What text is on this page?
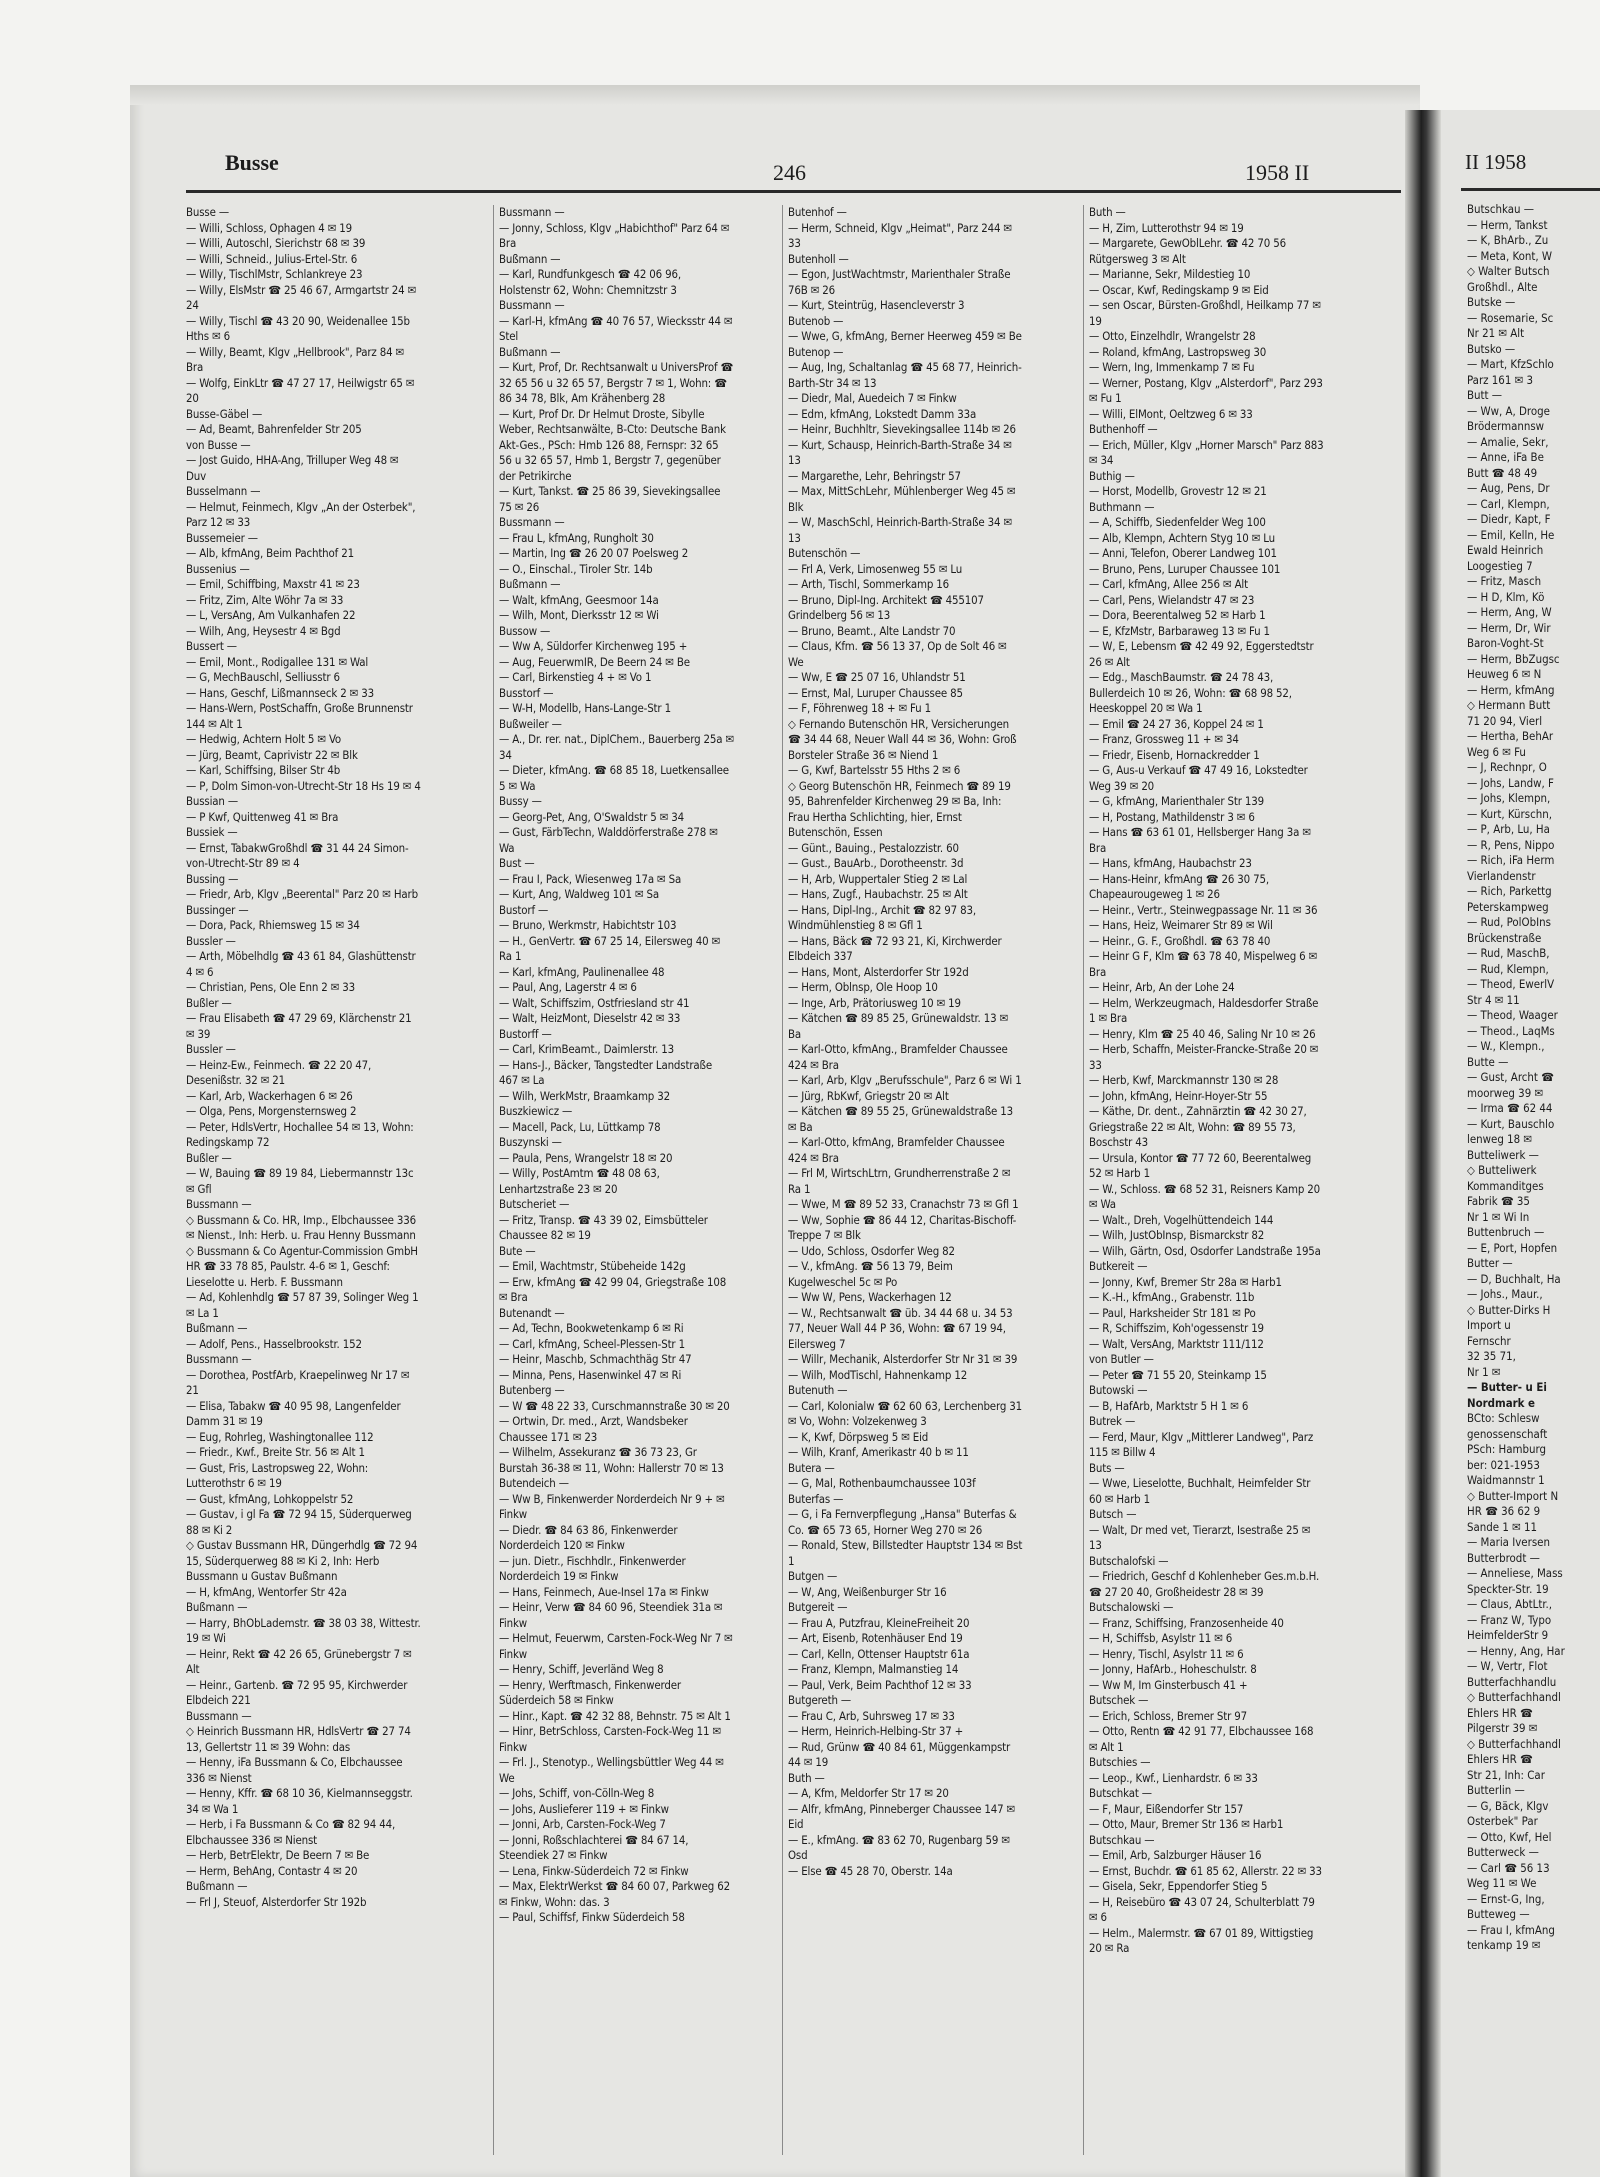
Busse	246	1958 II
Busse —
— Willi, Schloss, Ophagen 4 ✉ 19
— Willi, Autoschl, Sierichstr 68 ✉ 39
— Willi, Schneid., Julius-Ertel-Str. 6
— Willy, TischlMstr, Schlankreye 23
— Willy, ElsMstr ☎ 25 46 67, Armgartstr 24 ✉ 24
— Willy, Tischl ☎ 43 20 90, Weidenallee 15b Hths ✉ 6
— Willy, Beamt, Klgv „Hellbrook", Parz 84 ✉ Bra
— Wolfg, EinkLtr ☎ 47 27 17, Heilwigstr 65 ✉ 20
Busse-Gäbel —
— Ad, Beamt, Bahrenfelder Str 205
von Busse —
— Jost Guido, HHA-Ang, Trilluper Weg 48 ✉ Duv
Busselmann —
— Helmut, Feinmech, Klgv „An der Osterbek", Parz 12 ✉ 33
Bussemeier —
— Alb, kfmAng, Beim Pachthof 21
Bussenius —
— Emil, Schiffbing, Maxstr 41 ✉ 23
— Fritz, Zim, Alte Wöhr 7a ✉ 33
— L, VersAng, Am Vulkanhafen 22
— Wilh, Ang, Heysestr 4 ✉ Bgd
Bussert —
— Emil, Mont., Rodigallee 131 ✉ Wal
— G, MechBauschl, Selliusstr 6
— Hans, Geschf, Lißmannseck 2 ✉ 33
— Hans-Wern, PostSchaffn, Große Brunnenstr 144 ✉ Alt 1
— Hedwig, Achtern Holt 5 ✉ Vo
— Jürg, Beamt, Caprivistr 22 ✉ Blk
— Karl, Schiffsing, Bilser Str 4b
— P, Dolm Simon-von-Utrecht-Str 18 Hs 19 ✉ 4
Bussian —
— P Kwf, Quittenweg 41 ✉ Bra
Bussiek —
— Ernst, TabakwGroßhdl ☎ 31 44 24 Simon-von-Utrecht-Str 89 ✉ 4
Bussing —
— Friedr, Arb, Klgv „Beerental" Parz 20 ✉ Harb
Bussinger —
— Dora, Pack, Rhiemsweg 15 ✉ 34
Bussler —
— Arth, Möbelhdlg ☎ 43 61 84, Glashüttenstr 4 ✉ 6
— Christian, Pens, Ole Enn 2 ✉ 33
Bußler —
— Frau Elisabeth ☎ 47 29 69, Klärchenstr 21 ✉ 39
Bussler —
— Heinz-Ew., Feinmech. ☎ 22 20 47, Desenißstr. 32 ✉ 21
— Karl, Arb, Wackerhagen 6 ✉ 26
— Olga, Pens, Morgensternsweg 2
— Peter, HdlsVertr, Hochallee 54 ✉ 13, Wohn: Redingskamp 72
Bußler —
— W, Bauing ☎ 89 19 84, Liebermannstr 13c ✉ Gfl
Bussmann —
◇ Bussmann & Co. HR, Imp., Elbchaussee 336 ✉ Nienst., Inh: Herb. u. Frau Henny Bussmann
◇ Bussmann & Co Agentur-Commission GmbH HR ☎ 33 78 85, Paulstr. 4-6 ✉ 1, Geschf: Lieselotte u. Herb. F. Bussmann
— Ad, Kohlenhdlg ☎ 57 87 39, Solinger Weg 1 ✉ La 1
Bußmann —
— Adolf, Pens., Hasselbrookstr. 152
Bussmann —
— Dorothea, PostfArb, Kraepelinweg Nr 17 ✉ 21
— Elisa, Tabakw ☎ 40 95 98, Langenfelder Damm 31 ✉ 19
— Eug, Rohrleg, Washingtonallee 112
— Friedr., Kwf., Breite Str. 56 ✉ Alt 1
— Gust, Fris, Lastropsweg 22, Wohn: Lutterothstr 6 ✉ 19
— Gust, kfmAng, Lohkoppelstr 52
— Gustav, i gl Fa ☎ 72 94 15, Süderquerweg 88 ✉ Ki 2
◇ Gustav Bussmann HR, Düngerhdlg ☎ 72 94 15, Süderquerweg 88 ✉ Ki 2, Inh: Herb Bussmann u Gustav Bußmann
— H, kfmAng, Wentorfer Str 42a
Bußmann —
— Harry, BhObLademstr. ☎ 38 03 38, Wittestr. 19 ✉ Wi
— Heinr, Rekt ☎ 42 26 65, Grünebergstr 7 ✉ Alt
— Heinr., Gartenb. ☎ 72 95 95, Kirchwerder Elbdeich 221
Bussmann —
◇ Heinrich Bussmann HR, HdlsVertr ☎ 27 74 13, Gellertstr 11 ✉ 39 Wohn: das
— Henny, iFa Bussmann & Co, Elbchaussee 336 ✉ Nienst
— Henny, Kffr. ☎ 68 10 36, Kielmannseggstr. 34 ✉ Wa 1
— Herb, i Fa Bussmann & Co ☎ 82 94 44, Elbchaussee 336 ✉ Nienst
— Herb, BetrElektr, De Beern 7 ✉ Be
— Herm, BehAng, Contastr 4 ✉ 20
Bußmann —
— Frl J, Steuof, Alsterdorfer Str 192b
Bussmann —
— Jonny, Schloss, Klgv „Habichthof" Parz 64 ✉ Bra
Bußmann —
— Karl, Rundfunkgesch ☎ 42 06 96, Holstenstr 62, Wohn: Chemnitzstr 3
Bussmann —
— Karl-H, kfmAng ☎ 40 76 57, Wiecksstr 44 ✉ Stel
Bußmann —
— Kurt, Prof, Dr. Rechtsanwalt u UniversProf ☎ 32 65 56 u 32 65 57, Bergstr 7 ✉ 1, Wohn: ☎ 86 34 78, Blk, Am Krähenberg 28
— Kurt, Prof Dr. Dr Helmut Droste, Sibylle Weber, Rechtsanwälte, B-Cto: Deutsche Bank Akt-Ges., PSch: Hmb 126 88, Fernspr: 32 65 56 u 32 65 57, Hmb 1, Bergstr 7, gegenüber der Petrikirche
— Kurt, Tankst. ☎ 25 86 39, Sievekingsallee 75 ✉ 26
Bussmann —
— Frau L, kfmAng, Rungholt 30
— Martin, Ing ☎ 26 20 07 Poelsweg 2
— O., Einschal., Tiroler Str. 14b
Bußmann —
— Walt, kfmAng, Geesmoor 14a
— Wilh, Mont, Dierksstr 12 ✉ Wi
Bussow —
— Ww A, Süldorfer Kirchenweg 195 +
— Aug, FeuerwmIR, De Beern 24 ✉ Be
— Carl, Birkenstieg 4 + ✉ Vo 1
Busstorf —
— W-H, Modellb, Hans-Lange-Str 1
Bußweiler —
— A., Dr. rer. nat., DiplChem., Bauerberg 25a ✉ 34
— Dieter, kfmAng. ☎ 68 85 18, Luetkensallee 5 ✉ Wa
Bussy —
— Georg-Pet, Ang, O'Swaldstr 5 ✉ 34
— Gust, FärbTechn, Walddörferstraße 278 ✉ Wa
Bust —
— Frau I, Pack, Wiesenweg 17a ✉ Sa
— Kurt, Ang, Waldweg 101 ✉ Sa
Bustorf —
— Bruno, Werkmstr, Habichtstr 103
— H., GenVertr. ☎ 67 25 14, Eilersweg 40 ✉ Ra 1
— Karl, kfmAng, Paulinenallee 48
— Paul, Ang, Lagerstr 4 ✉ 6
— Walt, Schiffszim, Ostfriesland str 41
— Walt, HeizMont, Dieselstr 42 ✉ 33
Bustorff —
— Carl, KrimBeamt., Daimlerstr. 13
— Hans-J., Bäcker, Tangstedter Landstraße 467 ✉ La
— Wilh, WerkMstr, Braamkamp 32
Buszkiewicz —
— Macell, Pack, Lu, Lüttkamp 78
Buszynski —
— Paula, Pens, Wrangelstr 18 ✉ 20
— Willy, PostAmtm ☎ 48 08 63, Lenhartzstraße 23 ✉ 20
Butscheriet —
— Fritz, Transp. ☎ 43 39 02, Eimsbütteler Chaussee 82 ✉ 19
Bute —
— Emil, Wachtmstr, Stübeheide 142g
— Erw, kfmAng ☎ 42 99 04, Griegstraße 108 ✉ Bra
Butenandt —
— Ad, Techn, Bookwetenkamp 6 ✉ Ri
— Carl, kfmAng, Scheel-Plessen-Str 1
— Heinr, Maschb, Schmachthäg Str 47
— Minna, Pens, Hasenwinkel 47 ✉ Ri
Butenberg —
— W ☎ 48 22 33, Curschmannstraße 30 ✉ 20
— Ortwin, Dr. med., Arzt, Wandsbeker Chaussee 171 ✉ 23
— Wilhelm, Assekuranz ☎ 36 73 23, Gr Burstah 36-38 ✉ 11, Wohn: Hallerstr 70 ✉ 13
Butendeich —
— Ww B, Finkenwerder Norderdeich Nr 9 + ✉ Finkw
— Diedr. ☎ 84 63 86, Finkenwerder Norderdeich 120 ✉ Finkw
— jun. Dietr., Fischhdlr., Finkenwerder Norderdeich 19 ✉ Finkw
— Hans, Feinmech, Aue-Insel 17a ✉ Finkw
— Heinr, Verw ☎ 84 60 96, Steendiek 31a ✉ Finkw
— Helmut, Feuerwm, Carsten-Fock-Weg Nr 7 ✉ Finkw
— Henry, Schiff, Jeverländ Weg 8
— Henry, Werftmasch, Finkenwerder Süderdeich 58 ✉ Finkw
— Hinr., Kapt. ☎ 42 32 88, Behnstr. 75 ✉ Alt 1
— Hinr, BetrSchloss, Carsten-Fock-Weg 11 ✉ Finkw
— Frl. J., Stenotyp., Wellingsbüttler Weg 44 ✉ We
— Johs, Schiff, von-Cölln-Weg 8
— Johs, Auslieferer 119 + ✉ Finkw
— Jonni, Arb, Carsten-Fock-Weg 7
— Jonni, Roßschlachterei ☎ 84 67 14, Steendiek 27 ✉ Finkw
— Lena, Finkw-Süderdeich 72 ✉ Finkw
— Max, ElektrWerkst ☎ 84 60 07, Parkweg 62 ✉ Finkw, Wohn: das. 3
— Paul, Schiffsf, Finkw Süderdeich 58
Butenhof —
— Herm, Schneid, Klgv „Heimat", Parz 244 ✉ 33
Butenholl —
— Egon, JustWachtmstr, Marienthaler Straße 76B ✉ 26
— Kurt, Steintrüg, Hasencleverstr 3
Butenob —
— Wwe, G, kfmAng, Berner Heerweg 459 ✉ Be
Butenop —
— Aug, Ing, Schaltanlag ☎ 45 68 77, Heinrich-Barth-Str 34 ✉ 13
— Diedr, Mal, Auedeich 7 ✉ Finkw
— Edm, kfmAng, Lokstedt Damm 33a
— Heinr, Buchhltr, Sievekingsallee 114b ✉ 26
— Kurt, Schausp, Heinrich-Barth-Straße 34 ✉ 13
— Margarethe, Lehr, Behringstr 57
— Max, MittSchLehr, Mühlenberger Weg 45 ✉ Blk
— W, MaschSchl, Heinrich-Barth-Straße 34 ✉ 13
Butenschön —
— Frl A, Verk, Limosenweg 55 ✉ Lu
— Arth, Tischl, Sommerkamp 16
— Bruno, Dipl-Ing. Architekt ☎ 455107 Grindelberg 56 ✉ 13
— Bruno, Beamt., Alte Landstr 70
— Claus, Kfm. ☎ 56 13 37, Op de Solt 46 ✉ We
— Ww, E ☎ 25 07 16, Uhlandstr 51
— Ernst, Mal, Luruper Chaussee 85
— F, Föhrenweg 18 + ✉ Fu 1
◇ Fernando Butenschön HR, Versicherungen ☎ 34 44 68, Neuer Wall 44 ✉ 36, Wohn: Groß Borsteler Straße 36 ✉ Niend 1
— G, Kwf, Bartelsstr 55 Hths 2 ✉ 6
◇ Georg Butenschön HR, Feinmech ☎ 89 19 95, Bahrenfelder Kirchenweg 29 ✉ Ba, Inh: Frau Hertha Schlichting, hier, Ernst Butenschön, Essen
— Günt., Bauing., Pestalozzistr. 60
— Gust., BauArb., Dorotheenstr. 3d
— H, Arb, Wuppertaler Stieg 2 ✉ Lal
— Hans, Zugf., Haubachstr. 25 ✉ Alt
— Hans, Dipl-Ing., Archit ☎ 82 97 83, Windmühlenstieg 8 ✉ Gfl 1
— Hans, Bäck ☎ 72 93 21, Ki, Kirchwerder Elbdeich 337
— Hans, Mont, Alsterdorfer Str 192d
— Herm, Oblnsp, Ole Hoop 10
— Inge, Arb, Prätoriusweg 10 ✉ 19
— Kätchen ☎ 89 85 25, Grünewaldstr. 13 ✉ Ba
— Karl-Otto, kfmAng., Bramfelder Chaussee 424 ✉ Bra
— Karl, Arb, Klgv „Berufsschule", Parz 6 ✉ Wi 1
— Jürg, RbKwf, Griegstr 20 ✉ Alt
— Kätchen ☎ 89 55 25, Grünewaldstraße 13 ✉ Ba
— Karl-Otto, kfmAng, Bramfelder Chaussee 424 ✉ Bra
— Frl M, WirtschLtrn, Grundherrenstraße 2 ✉ Ra 1
— Wwe, M ☎ 89 52 33, Cranachstr 73 ✉ Gfl 1
— Ww, Sophie ☎ 86 44 12, Charitas-Bischoff-Treppe 7 ✉ Blk
— Udo, Schloss, Osdorfer Weg 82
— V., kfmAng. ☎ 56 13 79, Beim Kugelweschel 5c ✉ Po
— Ww W, Pens, Wackerhagen 12
— W., Rechtsanwalt ☎ üb. 34 44 68 u. 34 53 77, Neuer Wall 44 P 36, Wohn: ☎ 67 19 94, Eilersweg 7
— Willr, Mechanik, Alsterdorfer Str Nr 31 ✉ 39
— Wilh, ModTischl, Hahnenkamp 12
Butenuth —
— Carl, Kolonialw ☎ 62 60 63, Lerchenberg 31 ✉ Vo, Wohn: Volzekenweg 3
— K, Kwf, Dörpsweg 5 ✉ Eid
— Wilh, Kranf, Amerikastr 40 b ✉ 11
Butera —
— G, Mal, Rothenbaumchaussee 103f
Buterfas —
— G, i Fa Fernverpflegung „Hansa" Buterfas & Co. ☎ 65 73 65, Horner Weg 270 ✉ 26
— Ronald, Stew, Billstedter Hauptstr 134 ✉ Bst 1
Butgen —
— W, Ang, Weißenburger Str 16
Butgereit —
— Frau A, Putzfrau, KleineFreiheit 20
— Art, Eisenb, Rotenhäuser End 19
— Carl, Kelln, Ottenser Hauptstr 61a
— Franz, Klempn, Malmanstieg 14
— Paul, Verk, Beim Pachthof 12 ✉ 33
Butgereth —
— Frau C, Arb, Suhrsweg 17 ✉ 33
— Herm, Heinrich-Helbing-Str 37 +
— Rud, Grünw ☎ 40 84 61, Müggenkampstr 44 ✉ 19
Buth —
— A, Kfm, Meldorfer Str 17 ✉ 20
— Alfr, kfmAng, Pinneberger Chaussee 147 ✉ Eid
— E., kfmAng. ☎ 83 62 70, Rugenbarg 59 ✉ Osd
— Else ☎ 45 28 70, Oberstr. 14a
Buth —
— H, Zim, Lutterothstr 94 ✉ 19
— Margarete, GewOblLehr. ☎ 42 70 56 Rütgersweg 3 ✉ Alt
— Marianne, Sekr, Mildestieg 10
— Oscar, Kwf, Redingskamp 9 ✉ Eid
— sen Oscar, Bürsten-Großhdl, Heilkamp 77 ✉ 19
— Otto, Einzelhdlr, Wrangelstr 28
— Roland, kfmAng, Lastropsweg 30
— Wern, Ing, Immenkamp 7 ✉ Fu
— Werner, Postang, Klgv „Alsterdorf", Parz 293 ✉ Fu 1
— Willi, ElMont, Oeltzweg 6 ✉ 33
Buthenhoff —
— Erich, Müller, Klgv „Horner Marsch" Parz 883 ✉ 34
Buthig —
— Horst, Modellb, Grovestr 12 ✉ 21
Buthmann —
— A, Schiffb, Siedenfelder Weg 100
— Alb, Klempn, Achtern Styg 10 ✉ Lu
— Anni, Telefon, Oberer Landweg 101
— Bruno, Pens, Luruper Chaussee 101
— Carl, kfmAng, Allee 256 ✉ Alt
— Carl, Pens, Wielandstr 47 ✉ 23
— Dora, Beerentalweg 52 ✉ Harb 1
— E, KfzMstr, Barbaraweg 13 ✉ Fu 1
— W, E, Lebensm ☎ 42 49 92, Eggerstedtstr 26 ✉ Alt
— Edg., MaschBaumstr. ☎ 24 78 43, Bullerdeich 10 ✉ 26, Wohn: ☎ 68 98 52, Heeskoppel 20 ✉ Wa 1
— Emil ☎ 24 27 36, Koppel 24 ✉ 1
— Franz, Grossweg 11 + ✉ 34
— Friedr, Eisenb, Hornackredder 1
— G, Aus-u Verkauf ☎ 47 49 16, Lokstedter Weg 39 ✉ 20
— G, kfmAng, Marienthaler Str 139
— H, Postang, Mathildenstr 3 ✉ 6
— Hans ☎ 63 61 01, Hellsberger Hang 3a ✉ Bra
— Hans, kfmAng, Haubachstr 23
— Hans-Heinr, kfmAng ☎ 26 30 75, Chapeaurougeweg 1 ✉ 26
— Heinr., Vertr., Steinwegpassage Nr. 11 ✉ 36
— Hans, Heiz, Weimarer Str 89 ✉ Wil
— Heinr., G. F., Großhdl. ☎ 63 78 40
— Heinr G F, Klm ☎ 63 78 40, Mispelweg 6 ✉ Bra
— Heinr, Arb, An der Lohe 24
— Helm, Werkzeugmach, Haldesdorfer Straße 1 ✉ Bra
— Henry, Klm ☎ 25 40 46, Saling Nr 10 ✉ 26
— Herb, Schaffn, Meister-Francke-Straße 20 ✉ 33
— Herb, Kwf, Marckmannstr 130 ✉ 28
— John, kfmAng, Heinr-Hoyer-Str 55
— Käthe, Dr. dent., Zahnärztin ☎ 42 30 27, Griegstraße 22 ✉ Alt, Wohn: ☎ 89 55 73, Boschstr 43
— Ursula, Kontor ☎ 77 72 60, Beerentalweg 52 ✉ Harb 1
— W., Schloss. ☎ 68 52 31, Reisners Kamp 20 ✉ Wa
— Walt., Dreh, Vogelhüttendeich 144
— Wilh, JustObInsp, Bismarckstr 82
— Wilh, Gärtn, Osd, Osdorfer Landstraße 195a
Butkereit —
— Jonny, Kwf, Bremer Str 28a ✉ Harb1
— K.-H., kfmAng., Grabenstr. 11b
— Paul, Harksheider Str 181 ✉ Po
— R, Schiffszim, Koh'ogessenstr 19
— Walt, VersAng, Marktstr 111/112
von Butler —
— Peter ☎ 71 55 20, Steinkamp 15
Butowski —
— B, HafArb, Marktstr 5 H 1 ✉ 6
Butrek —
— Ferd, Maur, Klgv „Mittlerer Landweg", Parz 115 ✉ Billw 4
Buts —
— Wwe, Lieselotte, Buchhalt, Heimfelder Str 60 ✉ Harb 1
Butsch —
— Walt, Dr med vet, Tierarzt, Isestraße 25 ✉ 13
Butschalofski —
— Friedrich, Geschf d Kohlenheber Ges.m.b.H. ☎ 27 20 40, Großheidestr 28 ✉ 39
Butschalowski —
— Franz, Schiffsing, Franzosenheide 40
— H, Schiffsb, Asylstr 11 ✉ 6
— Henry, Tischl, Asylstr 11 ✉ 6
— Jonny, HafArb., Hoheschulstr. 8
— Ww M, Im Ginsterbusch 41 +
Butschek —
— Erich, Schloss, Bremer Str 97
— Otto, Rentn ☎ 42 91 77, Elbchaussee 168 ✉ Alt 1
Butschies —
— Leop., Kwf., Lienhardstr. 6 ✉ 33
Butschkat —
— F, Maur, Eißendorfer Str 157
— Otto, Maur, Bremer Str 136 ✉ Harb1
Butschkau —
— Emil, Arb, Salzburger Häuser 16
— Ernst, Buchdr. ☎ 61 85 62, Allerstr. 22 ✉ 33
— Gisela, Sekr, Eppendorfer Stieg 5
— H, Reisebüro ☎ 43 07 24, Schulterblatt 79 ✉ 6
— Helm., Malermstr. ☎ 67 01 89, Wittigstieg 20 ✉ Ra
II 1958
Butschkau —
— Herm, Tankst
— K, BhArb., Zu
— Meta, Kont, W
◇ Walter Butsch
Großhdl., Alte
Butske —
— Rosemarie, Sc
Nr 21 ✉ Alt
Butsko —
— Mart, KfzSchlo
Parz 161 ✉ 3
Butt —
— Ww, A, Droge
Brödermannsw
— Amalie, Sekr,
— Anne, iFa Be
Butt ☎ 48 49
— Aug, Pens, Dr
— Carl, Klempn,
— Diedr, Kapt, F
— Emil, Kelln, He
Ewald Heinrich
Loogestieg 7
— Fritz, Masch
— H D, Klm, Kö
— Herm, Ang, W
— Herm, Dr, Wir
Baron-Voght-St
— Herm, BbZugsc
Heuweg 6 ✉ N
— Herm, kfmAng
◇ Hermann Butt
71 20 94, Vierl
— Hertha, BehAr
Weg 6 ✉ Fu
— J, Rechnpr, O
— Johs, Landw, F
— Johs, Klempn,
— Kurt, Kürschn,
— P, Arb, Lu, Ha
— R, Pens, Nippo
— Rich, iFa Herm
Vierlandenstr
— Rich, Parkettg
Peterskampweg
— Rud, PolObIns
Brückenstraße
— Rud, MaschB,
— Rud, Klempn,
— Theod, EwerlV
Str 4 ✉ 11
— Theod, Waager
— Theod., LaqMs
— W., Klempn.,
Butte —
— Gust, Archt ☎
moorweg 39 ✉
— Irma ☎ 62 44
— Kurt, Bauschlo
lenweg 18 ✉
Butteliwerk —
◇ Butteliwerk
Kommanditges
Fabrik ☎ 35
Nr 1 ✉ Wi In
Buttenbruch —
— E, Port, Hopfen
Butter —
— D, Buchhalt, Ha
— Johs., Maur.,
◇ Butter-Dirks H
Import u
Fernschr
32 35 71,
Nr 1 ✉
— Butter- u Ei
Nordmark e
BCto: Schlesw
genossenschaft
PSch: Hamburg
ber: 021-1953
Waidmannstr 1
◇ Butter-Import N
HR ☎ 36 62 9
Sande 1 ✉ 11
— Maria Iversen
Butterbrodt —
— Anneliese, Mass
Speckter-Str. 19
— Claus, AbtLtr.,
— Franz W, Typo
HeimfelderStr 9
— Henny, Ang, Har
— W, Vertr, Flot
Butterfachhandlu
◇ Butterfachhandl
Ehlers HR ☎
Pilgerstr 39 ✉
◇ Butterfachhandl
Ehlers HR ☎
Str 21, Inh: Car
Butterlin —
— G, Bäck, Klgv
Osterbek" Par
— Otto, Kwf, Hel
Butterweck —
— Carl ☎ 56 13
Weg 11 ✉ We
— Ernst-G, Ing,
Butteweg —
— Frau I, kfmAng
tenkamp 19 ✉
